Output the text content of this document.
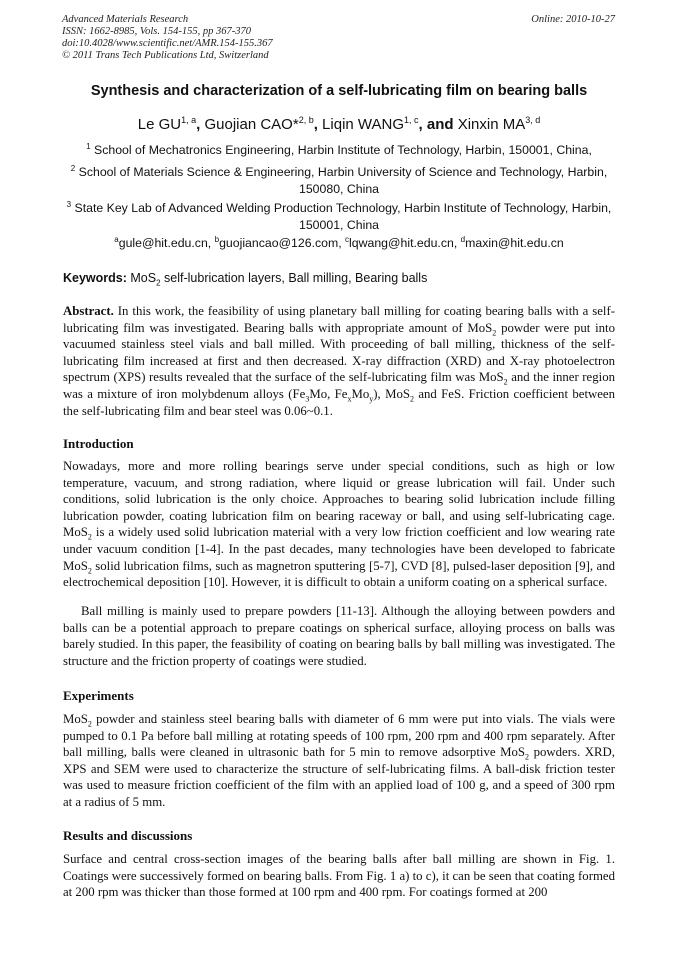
Advanced Materials Research
ISSN: 1662-8985, Vols. 154-155, pp 367-370
doi:10.4028/www.scientific.net/AMR.154-155.367
© 2011 Trans Tech Publications Ltd, Switzerland
Online: 2010-10-27
Synthesis and characterization of a self-lubricating film on bearing balls
Le GU$^{1, a}$, Guojian CAO*$^{2, b}$, Liqin WANG$^{1, c}$, and Xinxin MA$^{3, d}$
$^1$ School of Mechatronics Engineering, Harbin Institute of Technology, Harbin, 150001, China,
$^2$ School of Materials Science & Engineering, Harbin University of Science and Technology, Harbin, 150080, China
$^3$ State Key Lab of Advanced Welding Production Technology, Harbin Institute of Technology, Harbin, 150001, China
$^a$gule@hit.edu.cn, $^b$guojiancao@126.com, $^c$lqwang@hit.edu.cn, $^d$maxin@hit.edu.cn
Keywords: MoS$_2$ self-lubrication layers, Ball milling, Bearing balls
Abstract. In this work, the feasibility of using planetary ball milling for coating bearing balls with a self-lubricating film was investigated. Bearing balls with appropriate amount of MoS$_2$ powder were put into vacuumed stainless steel vials and ball milled. With proceeding of ball milling, thickness of the self-lubricating film increased at first and then decreased. X-ray diffraction (XRD) and X-ray photoelectron spectrum (XPS) results revealed that the surface of the self-lubricating film was MoS$_2$ and the inner region was a mixture of iron molybdenum alloys ($Fe_3Mo$, $Fe_xMo_y$), MoS$_2$ and FeS. Friction coefficient between the self-lubricating film and bear steel was 0.06~0.1.
Introduction
Nowadays, more and more rolling bearings serve under special conditions, such as high or low temperature, vacuum, and strong radiation, where liquid or grease lubrication will fail. Under such conditions, solid lubrication is the only choice. Approaches to bearing solid lubrication include filling lubrication powder, coating lubrication film on bearing raceway or ball, and using self-lubricating cage. MoS$_2$ is a widely used solid lubrication material with a very low friction coefficient and low wearing rate under vacuum condition [1-4]. In the past decades, many technologies have been developed to fabricate MoS$_2$ solid lubrication films, such as magnetron sputtering [5-7], CVD [8], pulsed-laser deposition [9], and electrochemical deposition [10]. However, it is difficult to obtain a uniform coating on a spherical surface.
Ball milling is mainly used to prepare powders [11-13]. Although the alloying between powders and balls can be a potential approach to prepare coatings on spherical surface, alloying process on balls was barely studied. In this paper, the feasibility of coating on bearing balls by ball milling was investigated. The structure and the friction property of coatings were studied.
Experiments
MoS$_2$ powder and stainless steel bearing balls with diameter of 6 mm were put into vials. The vials were pumped to 0.1 Pa before ball milling at rotating speeds of 100 rpm, 200 rpm and 400 rpm separately. After ball milling, balls were cleaned in ultrasonic bath for 5 min to remove adsorptive MoS$_2$ powders. XRD, XPS and SEM were used to characterize the structure of self-lubricating films. A ball-disk friction tester was used to measure friction coefficient of the film with an applied load of 100 g, and a speed of 300 rpm at a radius of 5 mm.
Results and discussions
Surface and central cross-section images of the bearing balls after ball milling are shown in Fig. 1. Coatings were successively formed on bearing balls. From Fig. 1 a) to c), it can be seen that coating formed at 200 rpm was thicker than those formed at 100 rpm and 400 rpm. For coatings formed at 200
